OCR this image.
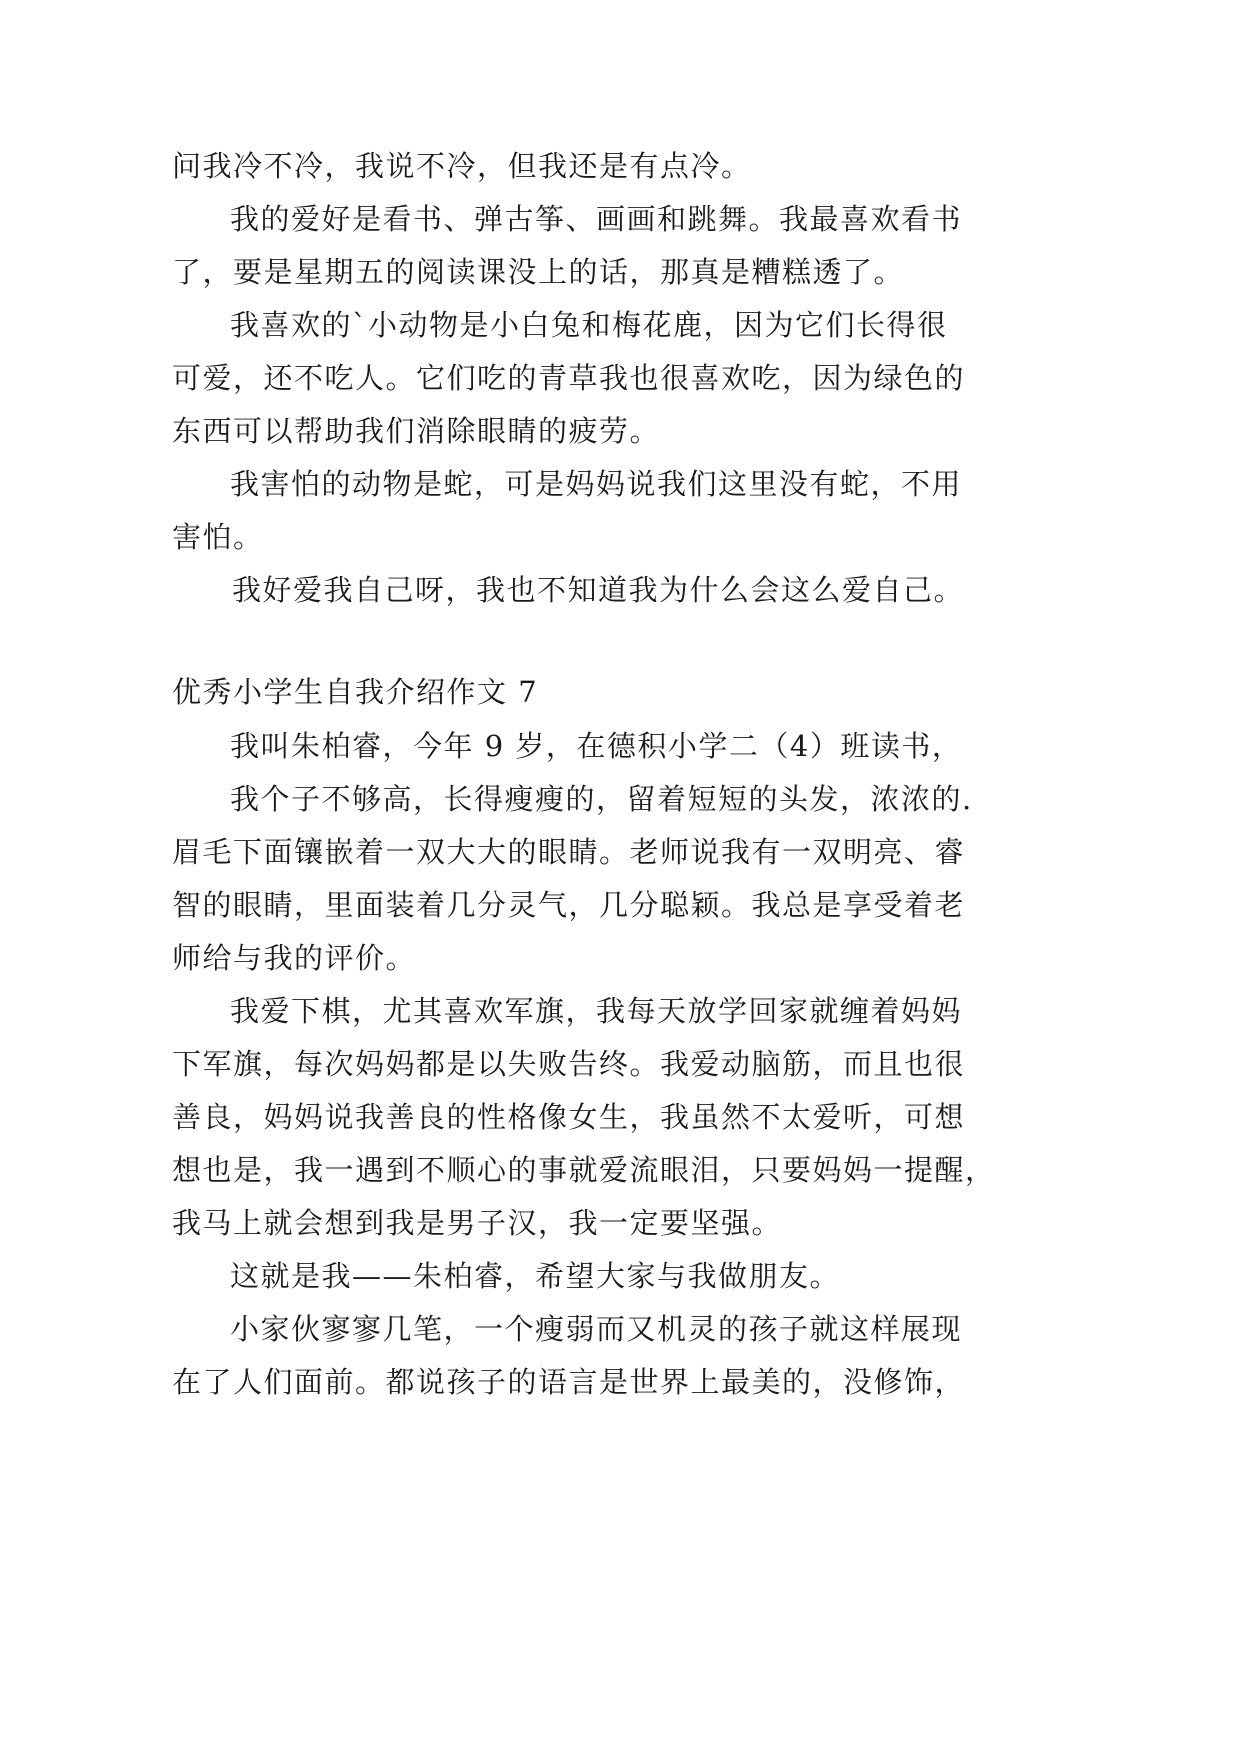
问我冷不冷，我说不冷，但我还是有点冷。
我的爱好是看书、弹古筝、画画和跳舞。我最喜欢看书
了，要是星期五的阅读课没上的话，那真是糟糕透了。
我喜欢的`小动物是小白兔和梅花鹿，因为它们长得很
可爱，还不吃人。它们吃的青草我也很喜欢吃，因为绿色的
东西可以帮助我们消除眼睛的疲劳。
我害怕的动物是蛇，可是妈妈说我们这里没有蛇，不用
害怕。
我好爱我自己呀，我也不知道我为什么会这么爱自己。
优秀小学生自我介绍作文 7
我叫朱柏睿，今年 9 岁，在德积小学二（4）班读书，
我个子不够高，长得瘦瘦的，留着短短的头发，浓浓的.
眉毛下面镶嵌着一双大大的眼睛。老师说我有一双明亮、睿
智的眼睛，里面装着几分灵气，几分聪颖。我总是享受着老
师给与我的评价。
我爱下棋，尤其喜欢军旗，我每天放学回家就缠着妈妈
下军旗，每次妈妈都是以失败告终。我爱动脑筋，而且也很
善良，妈妈说我善良的性格像女生，我虽然不太爱听，可想
想也是，我一遇到不顺心的事就爱流眼泪，只要妈妈一提醒，
我马上就会想到我是男子汉，我一定要坚强。
这就是我——朱柏睿，希望大家与我做朋友。
小家伙寥寥几笔，一个瘦弱而又机灵的孩子就这样展现
在了人们面前。都说孩子的语言是世界上最美的，没修饰，
